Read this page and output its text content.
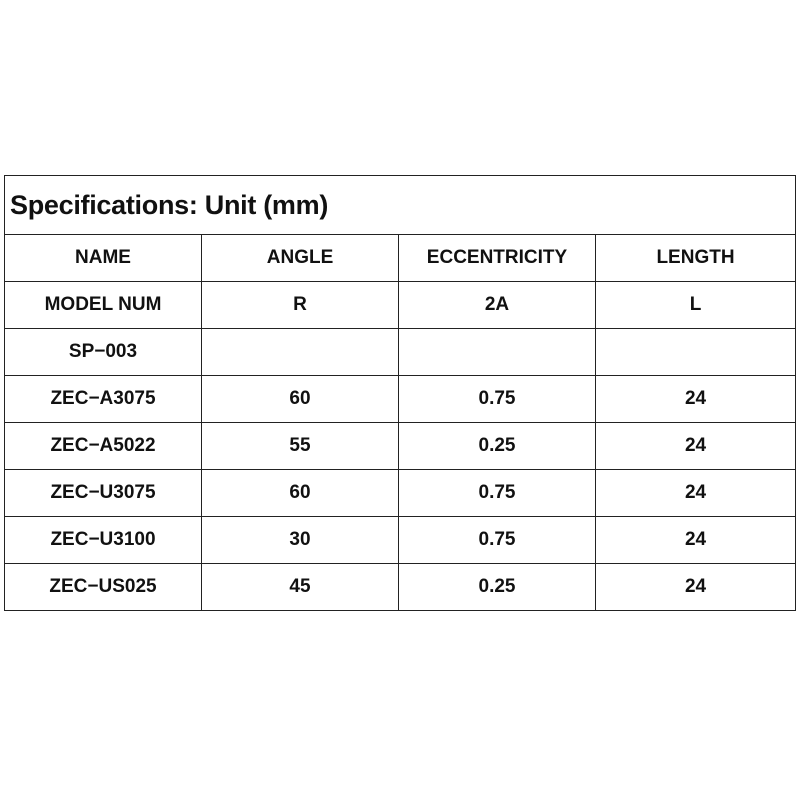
Specifications: Unit (mm)			
NAME	ANGLE	ECCENTRICITY	LENGTH
MODEL NUM	R	2A	L
SP−003			
ZEC−A3075	60	0.75	24
ZEC−A5022	55	0.25	24
ZEC−U3075	60	0.75	24
ZEC−U3100	30	0.75	24
ZEC−US025	45	0.25	24
